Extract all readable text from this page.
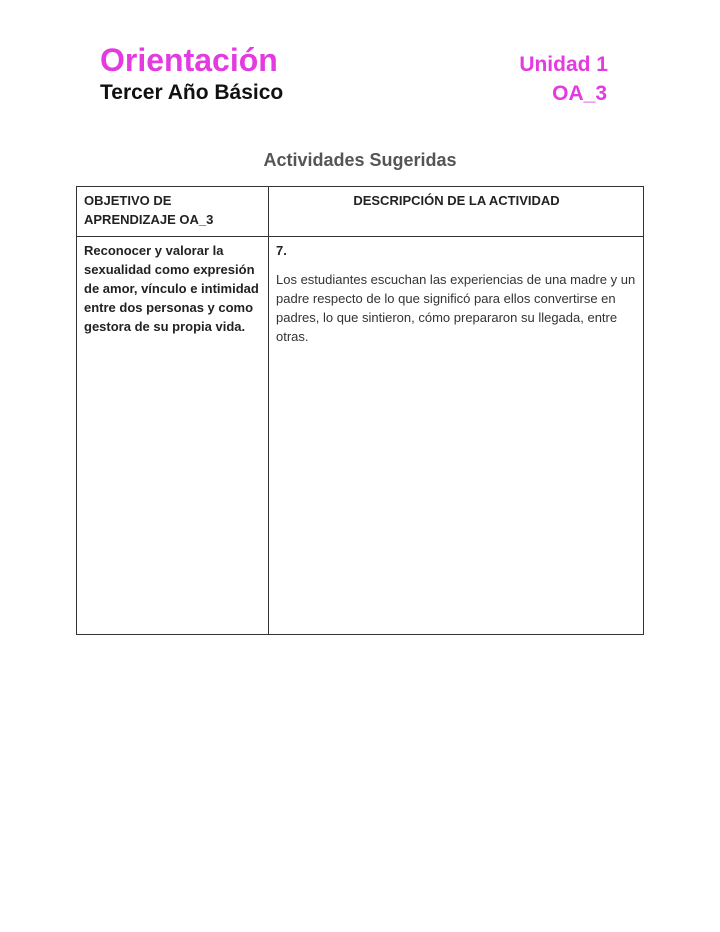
Orientación
Tercer Año Básico
Unidad 1
OA_3
Actividades Sugeridas
OBJETIVO DE APRENDIZAJE OA_3	DESCRIPCIÓN DE LA ACTIVIDAD

Reconocer y valorar la sexualidad como expresión de amor, vínculo e intimidad entre dos personas y como gestora de su propia vida.	7.

Los estudiantes escuchan las experiencias de una madre y un padre respecto de lo que significó para ellos convertirse en padres, lo que sintieron, cómo prepararon su llegada, entre otras.
